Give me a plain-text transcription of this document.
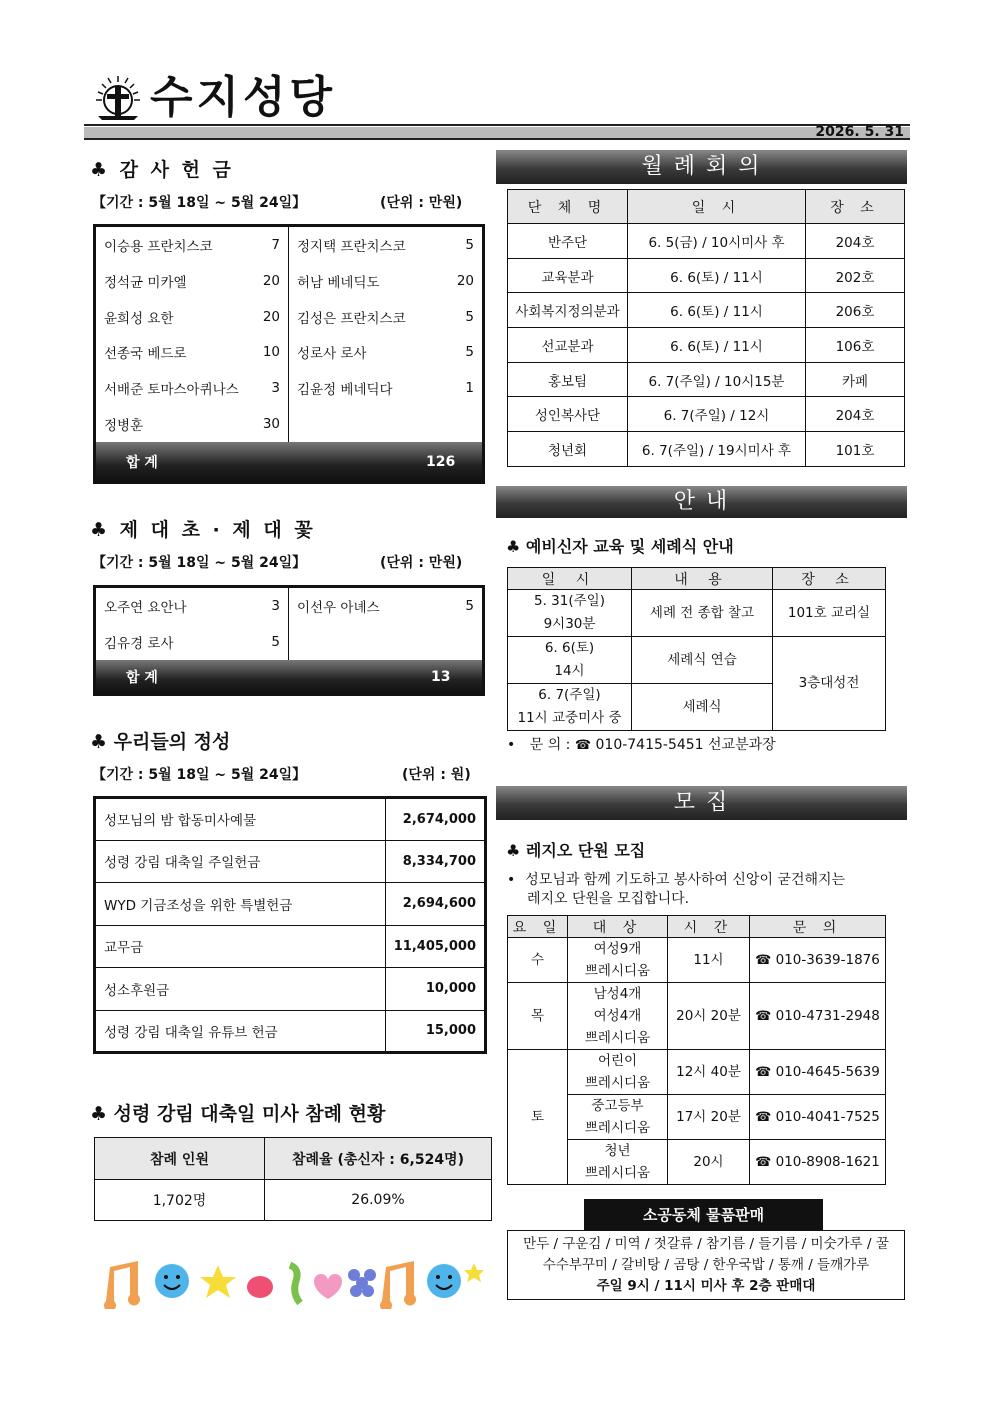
수지성당
2026. 5. 31
♣ 감 사 헌 금
【기간 : 5월 18일 ~ 5월 24일】	(단위 : 만원)
이승용 프란치스코	7 정지택 프란치스코	5
정석균 미카엘	20 허남 베네딕도	20
윤희성 요한	20 김성은 프란치스코	5
선종국 베드로	10 성로사 로사	5
서배준 토마스아퀴나스 3 김윤정 베네딕다	1
정병훈	30
합 계	126
♣ 제 대 초 · 제 대 꽃
【기간 : 5월 18일 ~ 5월 24일】	(단위 : 만원)
오주연 요안나	3 이선우 아녜스	5
김유경 로사	5
합 계	13
♣ 우리들의 정성
【기간 : 5월 18일 ~ 5월 24일】	(단위 : 원)
성모님의 밤 합동미사예물	2,674,000
성령 강림 대축일 주일헌금	8,334,700
WYD 기금조성을 위한 특별헌금	2,694,600
교무금	11,405,000
성소후원금	10,000
성령 강림 대축일 유튜브 헌금	15,000
♣ 성령 강림 대축일 미사 참례 현황
참례 인원	참례율 (총신자 : 6,524명)
1,702명	26.09%
월 례 회 의
단 체 명	일 시	장 소
반주단	6. 5(금) / 10시미사 후	204호
교육분과	6. 6(토) / 11시	202호
사회복지정의분과	6. 6(토) / 11시	206호
선교분과	6. 6(토) / 11시	106호
홍보팀	6. 7(주일) / 10시15분	카페
성인복사단	6. 7(주일) / 12시	204호
청년회	6. 7(주일) / 19시미사 후	101호
안 내
♣ 예비신자 교육 및 세례식 안내
일 시	내 용	장 소
5. 31(주일)
9시30분	세례 전 종합 찰고	101호 교리실
6. 6(토)
14시	세례식 연습	3층대성전
6. 7(주일)
11시 교중미사 중	세례식	
• 문 의 : ☎ 010-7415-5451 선교분과장
모 집
♣ 레지오 단원 모집
• 성모님과 함께 기도하고 봉사하여 신앙이 굳건해지는
레지오 단원을 모집합니다.
요 일	대 상	시 간	문 의
수	여성9개
쁘레시디움	11시	☎ 010-3639-1876
목	남성4개
여성4개
쁘레시디움	20시 20분	☎ 010-4731-2948
토	어린이
쁘레시디움	12시 40분	☎ 010-4645-5639
	중고등부
쁘레시디움	17시 20분	☎ 010-4041-7525
	청년
쁘레시디움	20시	☎ 010-8908-1621
소공동체 물품판매
만두 / 구운김 / 미역 / 젓갈류 / 참기름 / 들기름 / 미숫가루 / 꿀
수수부꾸미 / 갈비탕 / 곰탕 / 한우국밥 / 통깨 / 들깨가루
주일 9시 / 11시 미사 후 2층 판매대
